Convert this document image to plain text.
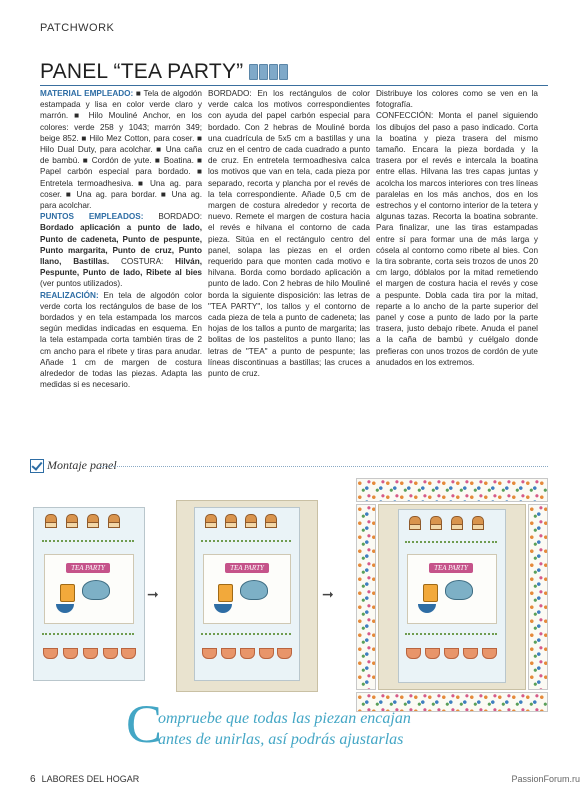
PATCHWORK
PANEL “TEA PARTY”

MATERIAL EMPLEADO: ■ Tela de algodón estampada y lisa en color verde claro y marrón. ■ Hilo Mouliné Anchor, en los colores: verde 258 y 1043; marrón 349; beige 852. ■ Hilo Mez Cotton, para coser. ■ Hilo Dual Duty, para acolchar. ■ Una caña de bambú. ■ Cordón de yute. ■ Boatina. ■ Papel carbón especial para bordado. ■ Entretela termoadhesiva. ■ Una ag. para coser. ■ Una ag. para bordar. ■ Una ag. para acolchar.

PUNTOS EMPLEADOS: BORDADO: Bordado aplicación a punto de lado, Punto de cadeneta, Punto de pespunte, Punto margarita, Punto de cruz, Punto llano, Bastillas. COSTURA: Hilván, Pespunte, Punto de lado, Ribete al bies (ver puntos utilizados).

REALIZACIÓN: En tela de algodón color verde corta los rectángulos de base de los bordados y en tela estampada los marcos según medidas indicadas en esquema. En la tela estampada corta también tiras de 2 cm ancho para el ribete y tiras para anudar. Añade 1 cm de margen de costura alrededor de todas las piezas. Adapta las medidas si es necesario.

BORDADO: En los rectángulos de color verde calca los motivos correspondientes con ayuda del papel carbón especial para bordado. Con 2 hebras de Mouliné borda una cuadrícula de 5x5 cm a bastillas y una cruz en el centro de cada cuadrado a punto de cruz. En entretela termoadhesiva calca los motivos que van en tela, cada pieza por separado, recorta y plancha por el revés de la tela correspondiente. Añade 0,5 cm de margen de costura alrededor y recorta de nuevo. Remete el margen de costura hacia el revés e hilvana el contorno de cada pieza. Sitúa en el rectángulo centro del panel, solapa las piezas en el orden requerido para que monten cada motivo e hilvana. Borda como bordado aplicación a punto de lado. Con 2 hebras de hilo Mouliné borda la siguiente disposición: las letras de "TEA PARTY", los tallos y el contorno de cada pieza de tela a punto de cadeneta; las hojas de los tallos a punto de margarita; las bolitas de los pastelitos a punto llano; las letras de "TEA" a punto de pespunte; las líneas discontinuas a bastillas; las cruces a punto de cruz.

Distribuye los colores como se ven en la fotografía.

CONFECCIÓN: Monta el panel siguiendo los dibujos del paso a paso indicado. Corta la boatina y pieza trasera del mismo tamaño. Encara la pieza bordada y la trasera por el revés e intercala la boatina entre ellas. Hilvana las tres capas juntas y acolcha los marcos interiores con tres líneas paralelas en los más anchos, dos en los estrechos y el contorno interior de la tetera y algunas tazas. Recorta la boatina sobrante. Para finalizar, une las tiras estampadas entre sí para formar una de más larga y cósela al contorno como ribete al bies. Con la tira sobrante, corta seis trozos de unos 20 cm largo, dóblalos por la mitad remetiendo el margen de costura hacia el revés y cose a pespunte. Dobla cada tira por la mitad, reparte a lo ancho de la parte superior del panel y cose a punto de lado por la parte trasera, justo debajo ribete. Anuda el panel a la caña de bambú y cuélgalo donde prefieras con unos trozos de cordón de yute anudados en los extremos.

Montaje panel
TEA PARTY
➞
TEA PARTY
➞
TEA PARTY
C
ompruebe que todas las piezan encajan
antes de unirlas, así podrás ajustarlas
6 LABORES DEL HOGAR	PassionForum.ru
